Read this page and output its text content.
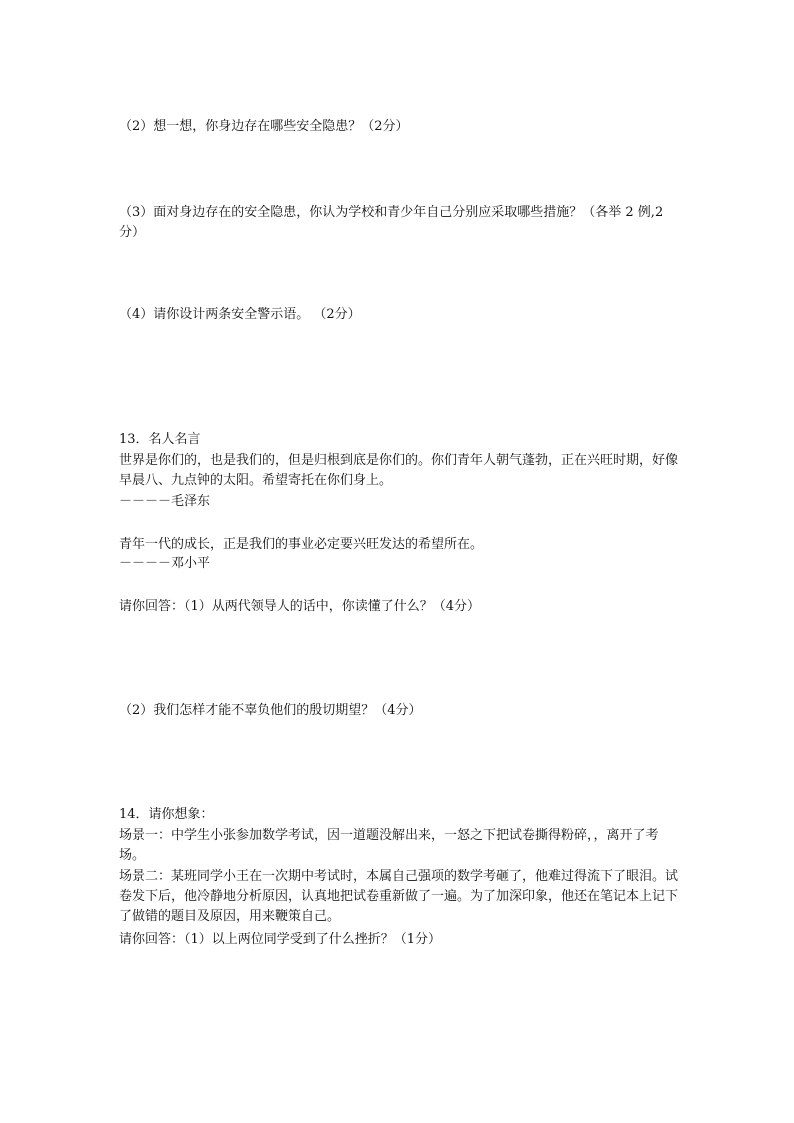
（2）想一想，你身边存在哪些安全隐患？（2分）
（3）面对身边存在的安全隐患，你认为学校和青少年自己分别应采取哪些措施？（各举 2 例,2分）
（4）请你设计两条安全警示语。 （2分）
13．名人名言
世界是你们的，也是我们的，但是归根到底是你们的。你们青年人朝气蓬勃，正在兴旺时期，好像早晨八、九点钟的太阳。希望寄托在你们身上。
－－－－毛泽东
青年一代的成长，正是我们的事业必定要兴旺发达的希望所在。
－－－－邓小平
请你回答：（1）从两代领导人的话中，你读懂了什么？（4分）
（2）我们怎样才能不辜负他们的殷切期望？（4分）
14．请你想象：
场景一：中学生小张参加数学考试，因一道题没解出来，一怒之下把试卷撕得粉碎，，离开了考场。
场景二：某班同学小王在一次期中考试时，本属自己强项的数学考砸了，他难过得流下了眼泪。试卷发下后，他冷静地分析原因，认真地把试卷重新做了一遍。为了加深印象，他还在笔记本上记下了做错的题目及原因，用来鞭策自己。
请你回答：（1）以上两位同学受到了什么挫折？（1分）
